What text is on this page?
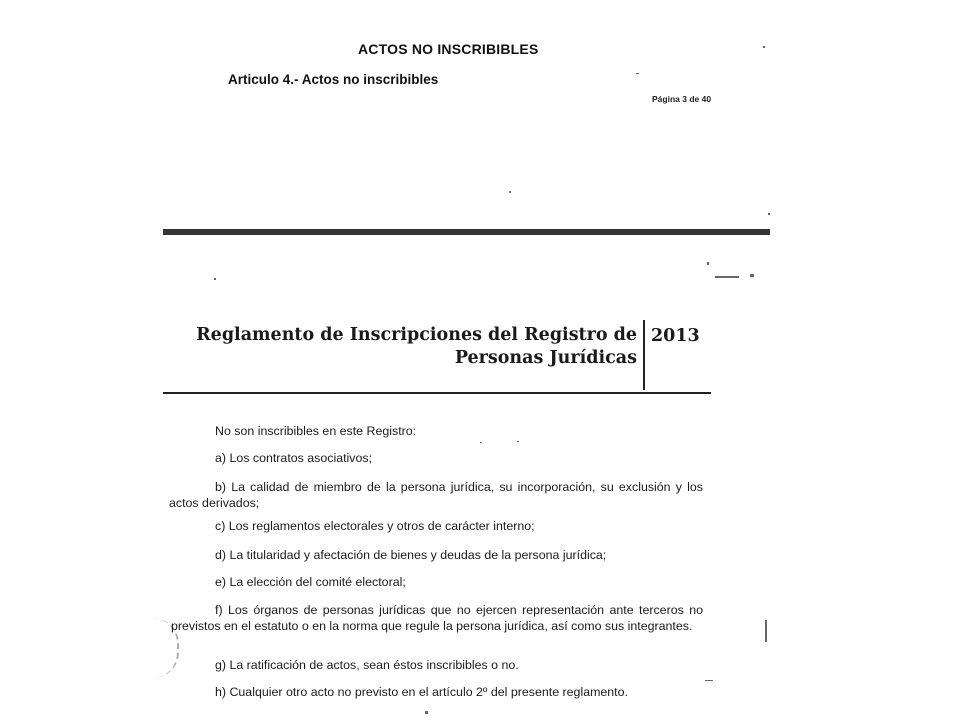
ACTOS NO INSCRIBIBLES
Articulo 4.- Actos no inscribibles
Página 3 de 40
Reglamento de Inscripciones del Registro de
Personas Jurídicas
2013

No son inscribibles en este Registro:

a) Los contratos asociativos;

b) La calidad de miembro de la persona jurídica, su incorporación, su exclusión y los actos derivados;

c) Los reglamentos electorales y otros de carácter interno;

d) La titularidad y afectación de bienes y deudas de la persona jurídica;

e) La elección del comité electoral;

f) Los órganos de personas jurídicas que no ejercen representación ante terceros no previstos en el estatuto o en la norma que regule la persona jurídica, así como sus integrantes.

g) La ratificación de actos, sean éstos inscribibles o no.

h) Cualquier otro acto no previsto en el artículo 2º del presente reglamento.
